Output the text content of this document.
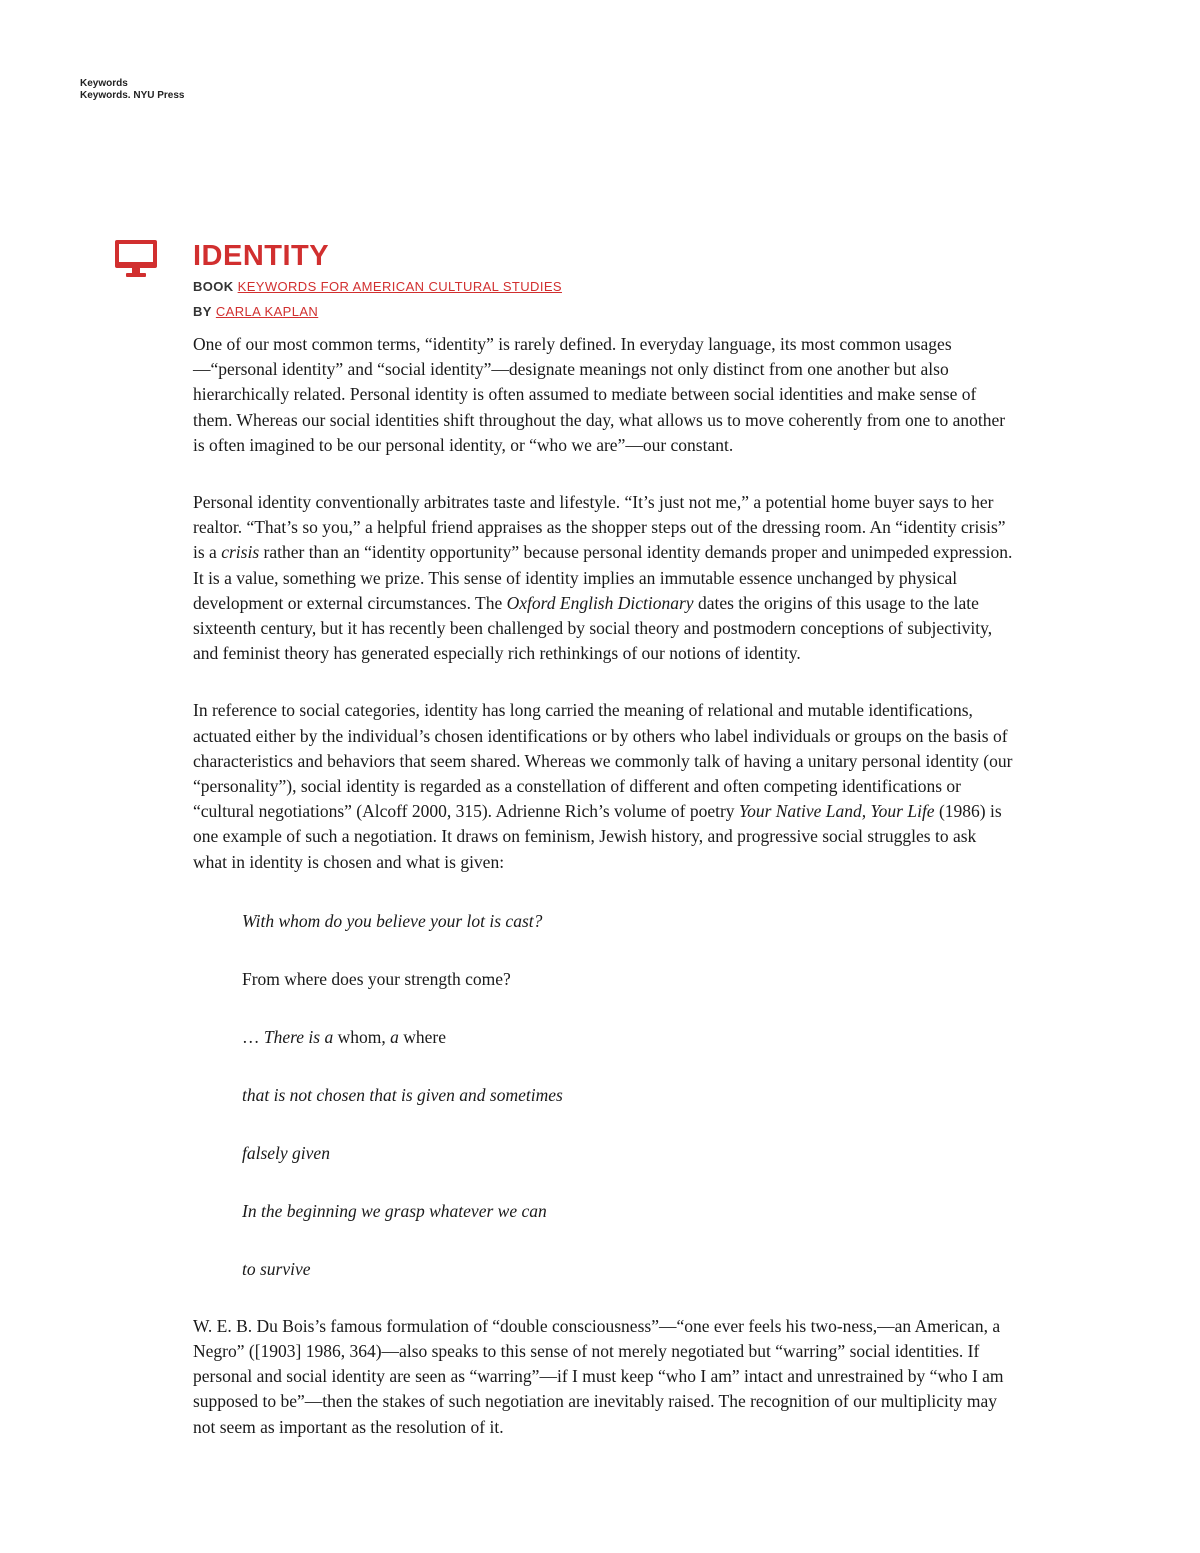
Keywords
Keywords. NYU Press
IDENTITY
BOOK KEYWORDS FOR AMERICAN CULTURAL STUDIES
BY CARLA KAPLAN

One of our most common terms, “identity” is rarely defined. In everyday language, its most common usages —“personal identity” and “social identity”—designate meanings not only distinct from one another but also hierarchically related. Personal identity is often assumed to mediate between social identities and make sense of them. Whereas our social identities shift throughout the day, what allows us to move coherently from one to another is often imagined to be our personal identity, or “who we are”—our constant.

Personal identity conventionally arbitrates taste and lifestyle. “It’s just not me,” a potential home buyer says to her realtor. “That’s so you,” a helpful friend appraises as the shopper steps out of the dressing room. An “identity crisis” is a crisis rather than an “identity opportunity” because personal identity demands proper and unimpeded expression. It is a value, something we prize. This sense of identity implies an immutable essence unchanged by physical development or external circumstances. The Oxford English Dictionary dates the origins of this usage to the late sixteenth century, but it has recently been challenged by social theory and postmodern conceptions of subjectivity, and feminist theory has generated especially rich rethinkings of our notions of identity.

In reference to social categories, identity has long carried the meaning of relational and mutable identifications, actuated either by the individual’s chosen identifications or by others who label individuals or groups on the basis of characteristics and behaviors that seem shared. Whereas we commonly talk of having a unitary personal identity (our “personality”), social identity is regarded as a constellation of different and often competing identifications or “cultural negotiations” (Alcoff 2000, 315). Adrienne Rich’s volume of poetry Your Native Land, Your Life (1986) is one example of such a negotiation. It draws on feminism, Jewish history, and progressive social struggles to ask what in identity is chosen and what is given:

With whom do you believe your lot is cast?
From where does your strength come?
… There is a whom, a where
that is not chosen that is given and sometimes
falsely given
In the beginning we grasp whatever we can
to survive

W. E. B. Du Bois’s famous formulation of “double consciousness”—“one ever feels his two-ness,—an American, a Negro” ([1903] 1986, 364)—also speaks to this sense of not merely negotiated but “warring” social identities. If personal and social identity are seen as “warring”—if I must keep “who I am” intact and unrestrained by “who I am supposed to be”—then the stakes of such negotiation are inevitably raised. The recognition of our multiplicity may not seem as important as the resolution of it.
